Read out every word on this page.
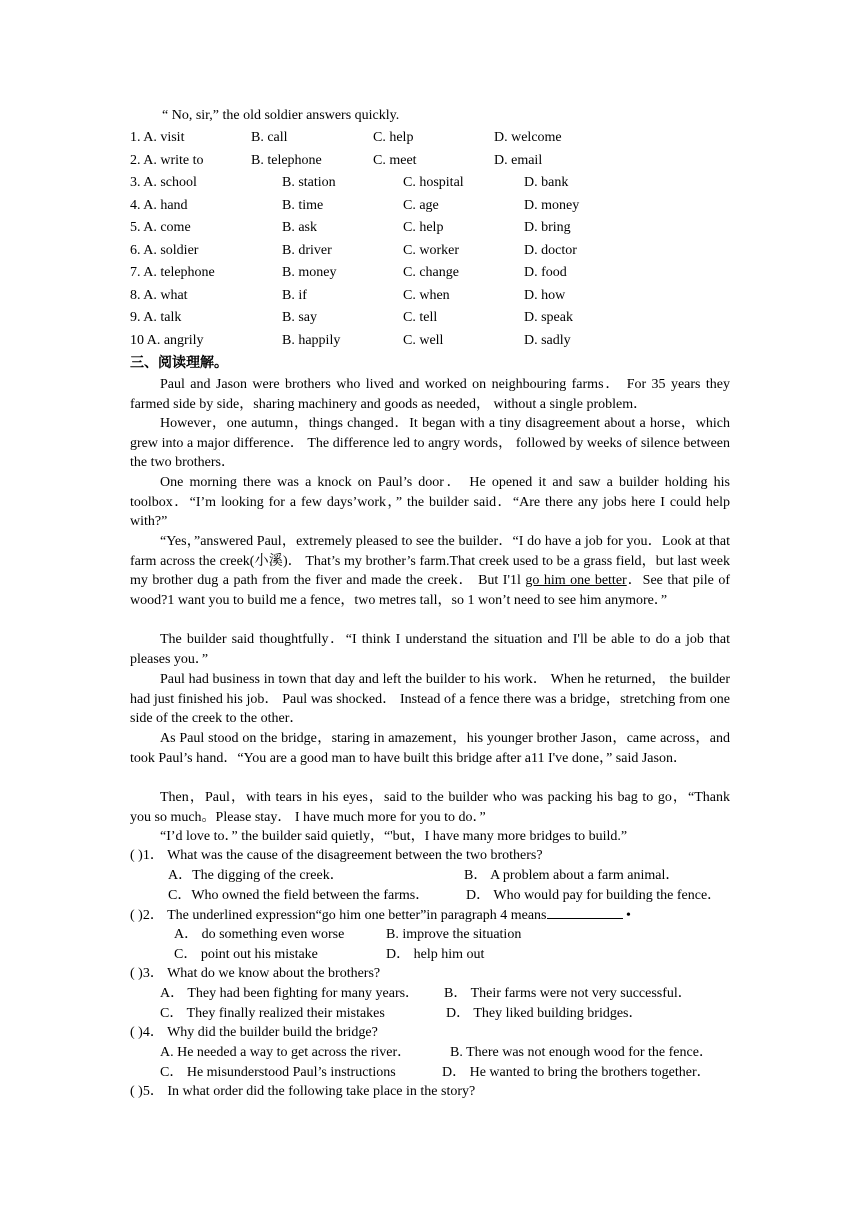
“ No, sir,” the old soldier answers quickly.
1. A. visit	B. call	C. help	D. welcome
2. A. write to	B. telephone	C. meet	D. email
3. A. school	B. station	C. hospital	D. bank
4. A. hand	B. time	C. age	D. money
5. A. come	B. ask	C. help	D. bring
6. A. soldier	B. driver	C. worker	D. doctor
7. A. telephone	B. money	C. change	D. food
8. A. what	B. if	C. when	D. how
9. A. talk	B. say	C. tell	D. speak
10 A. angrily	B. happily	C. well	D. sadly
三、阅读理解。
Paul and Jason were brothers who lived and worked on neighbouring farms． For 35 years they farmed side by side，sharing machinery and goods as needed， without a single problem．
However，one autumn，things changed．It began with a tiny disagreement about a horse，which grew into a major difference． The difference led to angry words， followed by weeks of silence between the two brothers．
One morning there was a knock on Paul’s door． He opened it and saw a builder holding his toolbox．“I’m looking for a few days’work，” the builder said．“Are there any jobs here I could help with?”
“Yes，”answered Paul，extremely pleased to see the builder．“I do have a job for you．Look at that farm across the creek(小溪)． That’s my brother’s farm.That creek used to be a grass field，but last week my brother dug a path from the fiver and made the creek． But I'1l go him one better．See that pile of wood?1 want you to build me a fence，two metres tall，so 1 won’t need to see him anymore．”
The builder said thoughtfully．“I think I understand the situation and I'll be able to do a job that pleases you．”
Paul had business in town that day and left the builder to his work． When he returned， the builder had just finished his job． Paul was shocked． Instead of a fence there was a bridge，stretching from one side of the creek to the other．
As Paul stood on the bridge，staring in amazement，his younger brother Jason，came across，and took Paul’s hand．“You are a good man to have built this bridge after a11 I've done，” said Jason．
Then，Paul，with tears in his eyes，said to the builder who was packing his bag to go，“Thank you so much。Please stay． I have much more for you to do．”
“I’d love to．” the builder said quietly，“'but，I have many more bridges to build.”
( )1． What was the cause of the disagreement between the two brothers?
A．The digging of the creek．	B． A problem about a farm animal．
C．Who owned the field between the farms．	D． Who would pay for building the fence．
( )2． The underlined expression“go him one better”in paragraph 4 means	•
A． do something even worse	B. improve the situation
C． point out his mistake	D． help him out
( )3． What do we know about the brothers?
A． They had been fighting for many years． B． Their farms were not very successful．
C． They finally realized their mistakes	D． They liked building bridges．
( )4． Why did the builder build the bridge?
A. He needed a way to get across the river．	B. There was not enough wood for the fence．
C． He misunderstood Paul’s instructions	D． He wanted to bring the brothers together．
( )5． In what order did the following take place in the story?
